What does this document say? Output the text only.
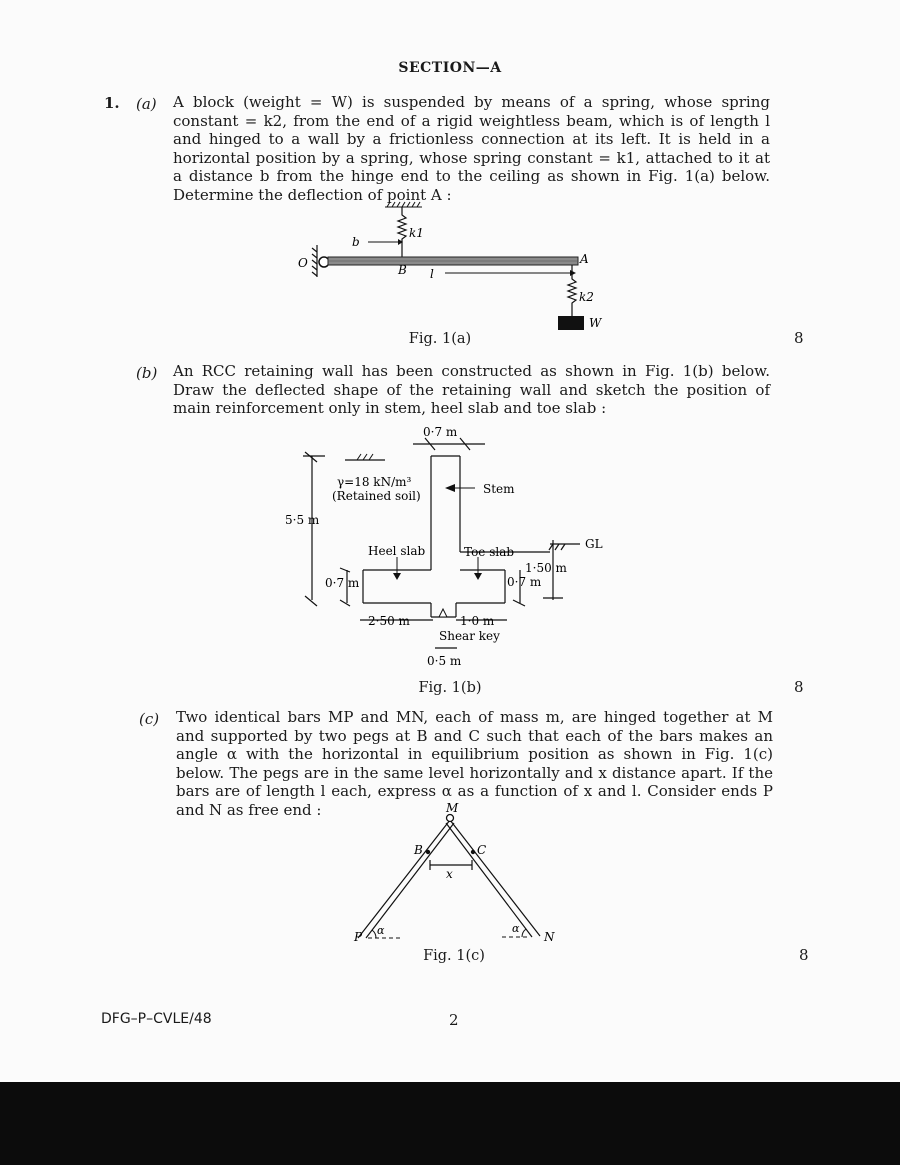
SECTION—A
1. (a) A block (weight = W) is suspended by means of a spring, whose spring constant = k2, from the end of a rigid weightless beam, which is of length l and hinged to a wall by a frictionless connection at its left. It is held in a horizontal position by a spring, whose spring constant = k1, attached to it at a distance b from the hinge end to the ceiling as shown in Fig. 1(a) below. Determine the deflection of point A :
k1
b
O	B
A
l
k2
W
Fig. 1(a)	8
(b) An RCC retaining wall has been constructed as shown in Fig. 1(b) below. Draw the deflected shape of the retaining wall and sketch the position of main reinforcement only in stem, heel slab and toe slab :
0·7 m
γ=18 kN/m³
(Retained soil)	Stem
5·5 m
GL
Heel slab	Toe slab
1·50 m
0·7 m	0·7 m
2·50 m	1·0 m
Shear key
0·5 m
Fig. 1(b)	8
(c) Two identical bars MP and MN, each of mass m, are hinged together at M and supported by two pegs at B and C such that each of the bars makes an angle α with the horizontal in equilibrium position as shown in Fig. 1(c) below. The pegs are in the same level horizontally and x distance apart. If the bars are of length l each, express α as a function of x and l. Consider ends P and N as free end :	M
B	C
x
P α	α
N
Fig. 1(c)	8
DFG–P–CVLE/48	2
